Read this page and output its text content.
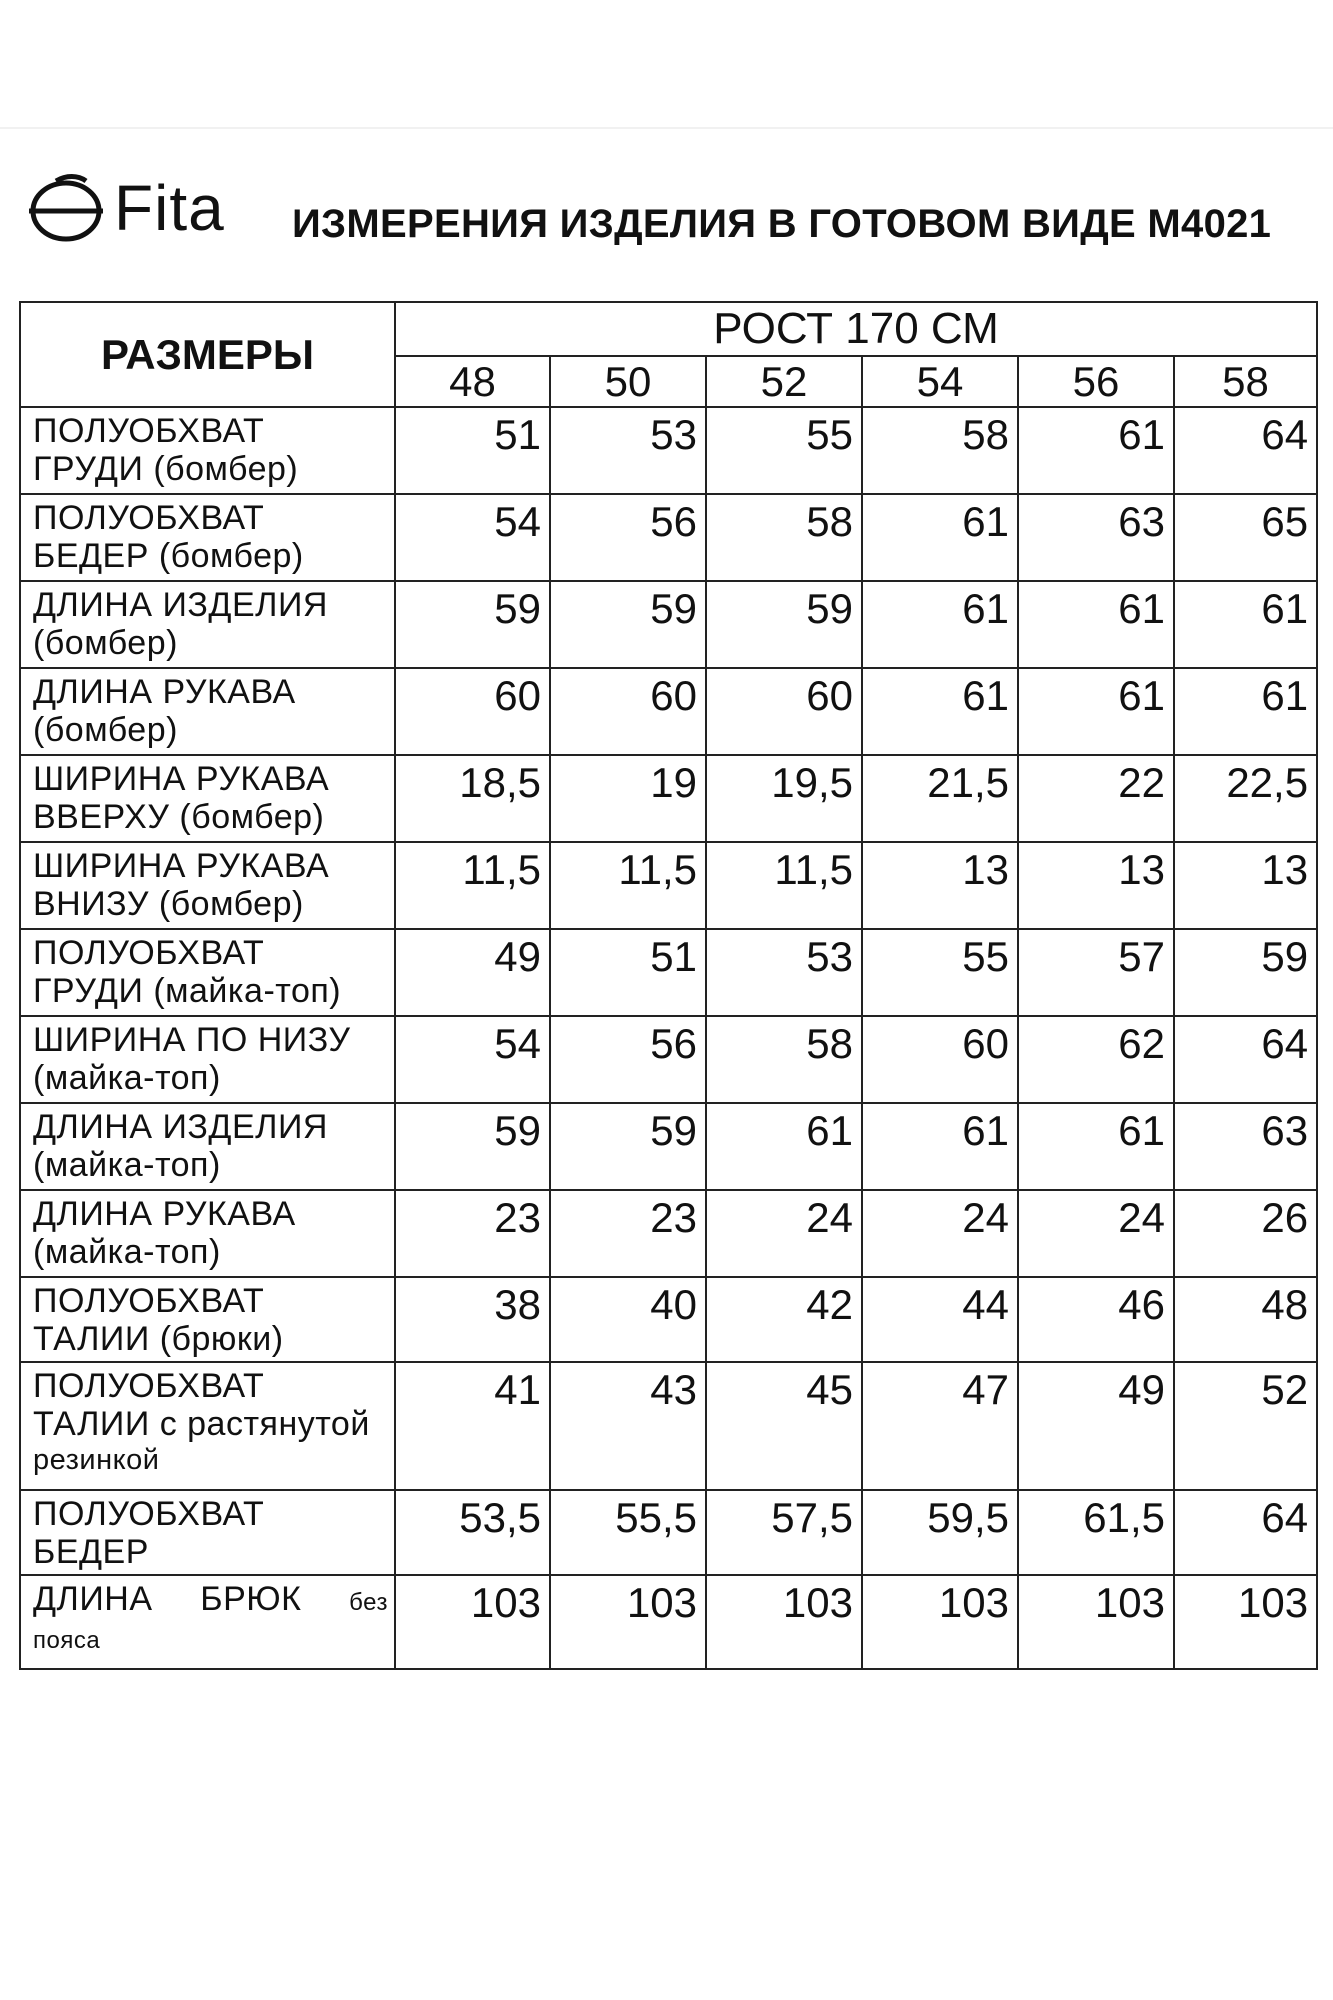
Fita ИЗМЕРЕНИЯ ИЗДЕЛИЯ В ГОТОВОМ ВИДЕ М4021
РАЗМЕРЫ	РОСТ 170 СМ					
	48	50	52	54	56	58

ПОЛУОБХВАТ
ГРУДИ (бомбер)	51	53	55	58	61	64

ПОЛУОБХВАТ
БЕДЕР (бомбер)	54	56	58	61	63	65

ДЛИНА ИЗДЕЛИЯ
(бомбер)	59	59	59	61	61	61

ДЛИНА РУКАВА
(бомбер)	60	60	60	61	61	61

ШИРИНА РУКАВА
ВВЕРХУ (бомбер)	18,5	19	19,5	21,5	22	22,5

ШИРИНА РУКАВА
ВНИЗУ (бомбер)	11,5	11,5	11,5	13	13	13

ПОЛУОБХВАТ
ГРУДИ (майка-топ)	49	51	53	55	57	59

ШИРИНА ПО НИЗУ
(майка-топ)	54	56	58	60	62	64

ДЛИНА ИЗДЕЛИЯ
(майка-топ)	59	59	61	61	61	63

ДЛИНА РУКАВА
(майка-топ)	23	23	24	24	24	26

ПОЛУОБХВАТ
ТАЛИИ (брюки)	38	40	42	44	46	48

ПОЛУОБХВАТ
ТАЛИИ с растянутой
резинкой	41	43	45	47	49	52

ПОЛУОБХВАТ
БЕДЕР	53,5	55,5	57,5	59,5	61,5	64

ДЛИНА БРЮК без
пояса	103	103	103	103	103	103
